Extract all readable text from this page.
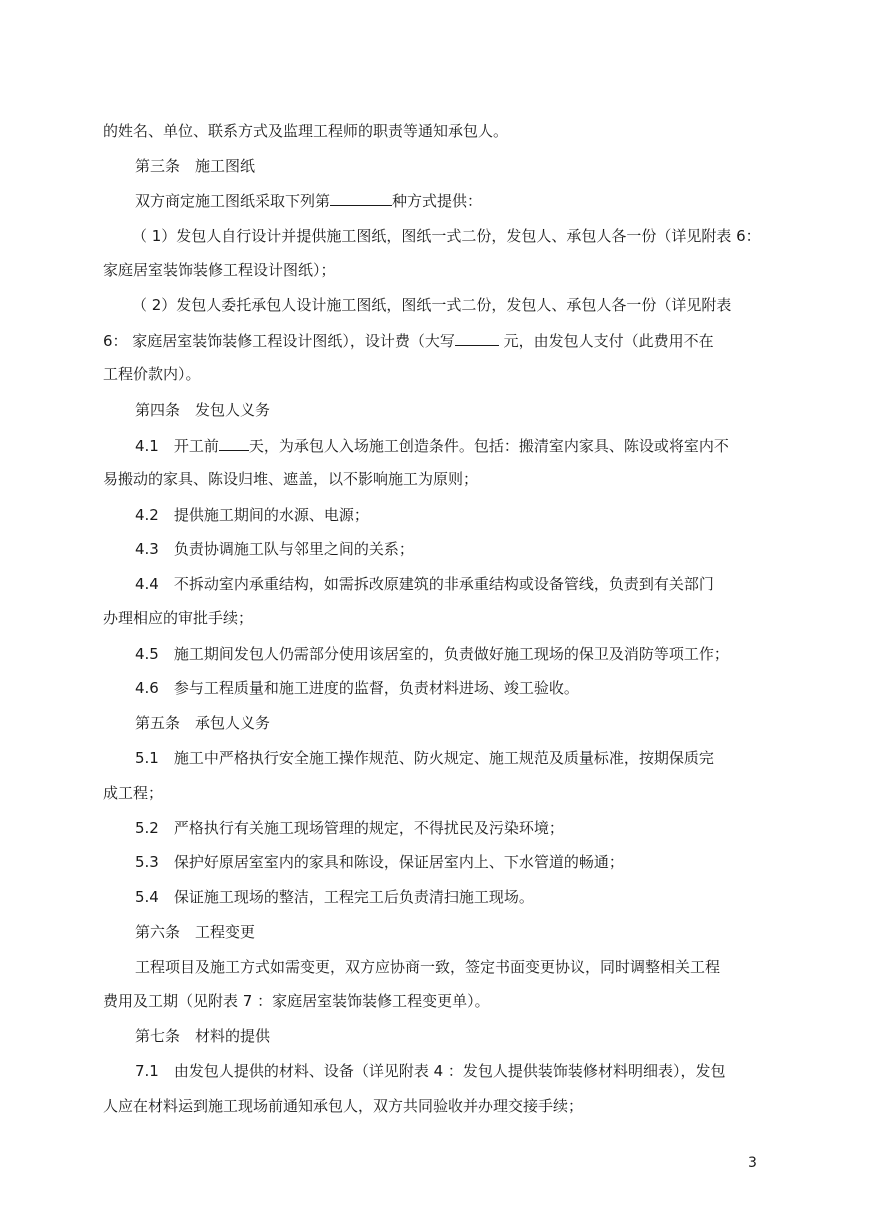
的姓名、单位、联系方式及监理工程师的职责等通知承包人。
第三条　施工图纸
双方商定施工图纸采取下列第	种方式提供：
（ 1）发包人自行设计并提供施工图纸，图纸一式二份，发包人、承包人各一份（详见附表 6：
家庭居室装饰装修工程设计图纸）；
（ 2）发包人委托承包人设计施工图纸，图纸一式二份，发包人、承包人各一份（详见附表
6： 家庭居室装饰装修工程设计图纸），设计费（大写	元，由发包人支付（此费用不在
工程价款内）。
第四条　发包人义务
4.1　开工前 天，为承包人入场施工创造条件。包括：搬清室内家具、陈设或将室内不
易搬动的家具、陈设归堆、遮盖，以不影响施工为原则；
4.2　提供施工期间的水源、电源；
4.3　负责协调施工队与邻里之间的关系；
4.4　不拆动室内承重结构，如需拆改原建筑的非承重结构或设备管线，负责到有关部门
办理相应的审批手续；
4.5　施工期间发包人仍需部分使用该居室的，负责做好施工现场的保卫及消防等项工作；
4.6　参与工程质量和施工进度的监督，负责材料进场、竣工验收。
第五条　承包人义务
5.1　施工中严格执行安全施工操作规范、防火规定、施工规范及质量标准，按期保质完
成工程；
5.2　严格执行有关施工现场管理的规定，不得扰民及污染环境；
5.3　保护好原居室室内的家具和陈设，保证居室内上、下水管道的畅通；
5.4　保证施工现场的整洁，工程完工后负责清扫施工现场。
第六条　工程变更
工程项目及施工方式如需变更，双方应协商一致，签定书面变更协议，同时调整相关工程
费用及工期（见附表 7 ：家庭居室装饰装修工程变更单）。
第七条　材料的提供
7.1　由发包人提供的材料、设备（详见附表 4 ：发包人提供装饰装修材料明细表），发包
人应在材料运到施工现场前通知承包人，双方共同验收并办理交接手续；
3
